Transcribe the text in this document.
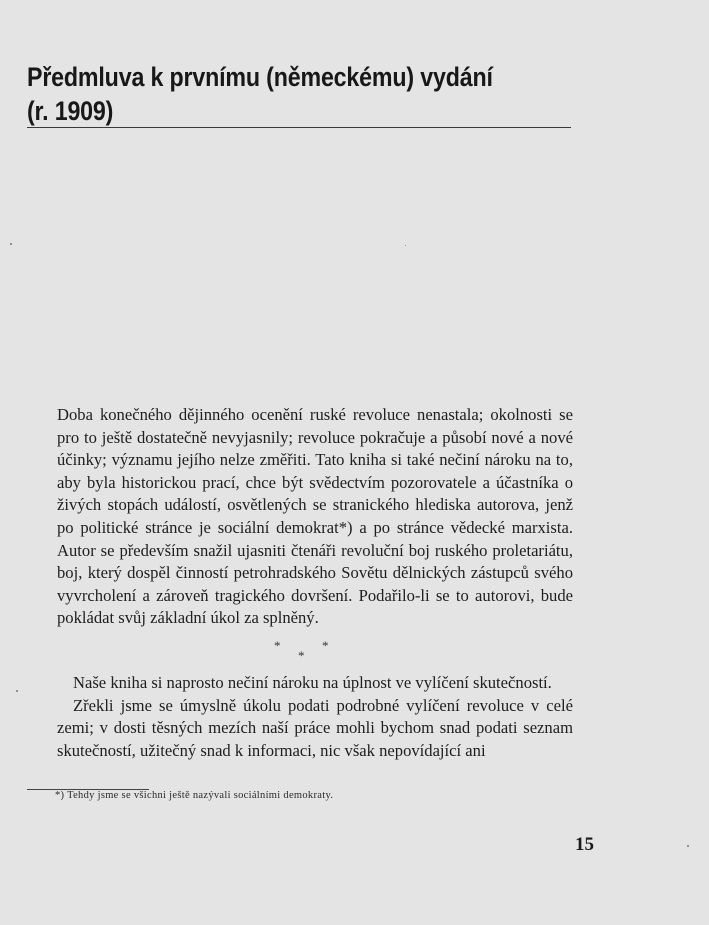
Předmluva k prvnímu (německému) vydání
(r. 1909)

Doba konečného dějinného ocenění ruské revoluce nenastala; okolnosti se pro to ještě dostatečně nevyjasnily; revoluce pokračuje a působí nové a nové účinky; významu jejího nelze změřiti. Tato kniha si také nečiní nároku na to, aby byla historickou prací, chce být svědectvím pozorovatele a účastníka o živých stopách událostí, osvětlených se stranického hlediska autorova, jenž po politické stránce je sociální demokrat*) a po stránce vědecké marxista. Autor se především snažil ujasniti čtenáři revoluční boj ruského proletariátu, boj, který dospěl činností petrohradského Sovětu dělnických zástupců svého vyvrcholení a zároveň tragického dovršení. Podařilo-li se to autorovi, bude pokládat svůj základní úkol za splněný.

*	*
*

Naše kniha si naprosto nečiní nároku na úplnost ve vylíčení skutečností.

Zřekli jsme se úmyslně úkolu podati podrobné vylíčení revoluce v celé zemi; v dosti těsných mezích naší práce mohli bychom snad podati seznam skutečností, užitečný snad k informaci, nic však nepovídající ani

*) Tehdy jsme se všichni ještě nazývali sociálními demokraty.
15
